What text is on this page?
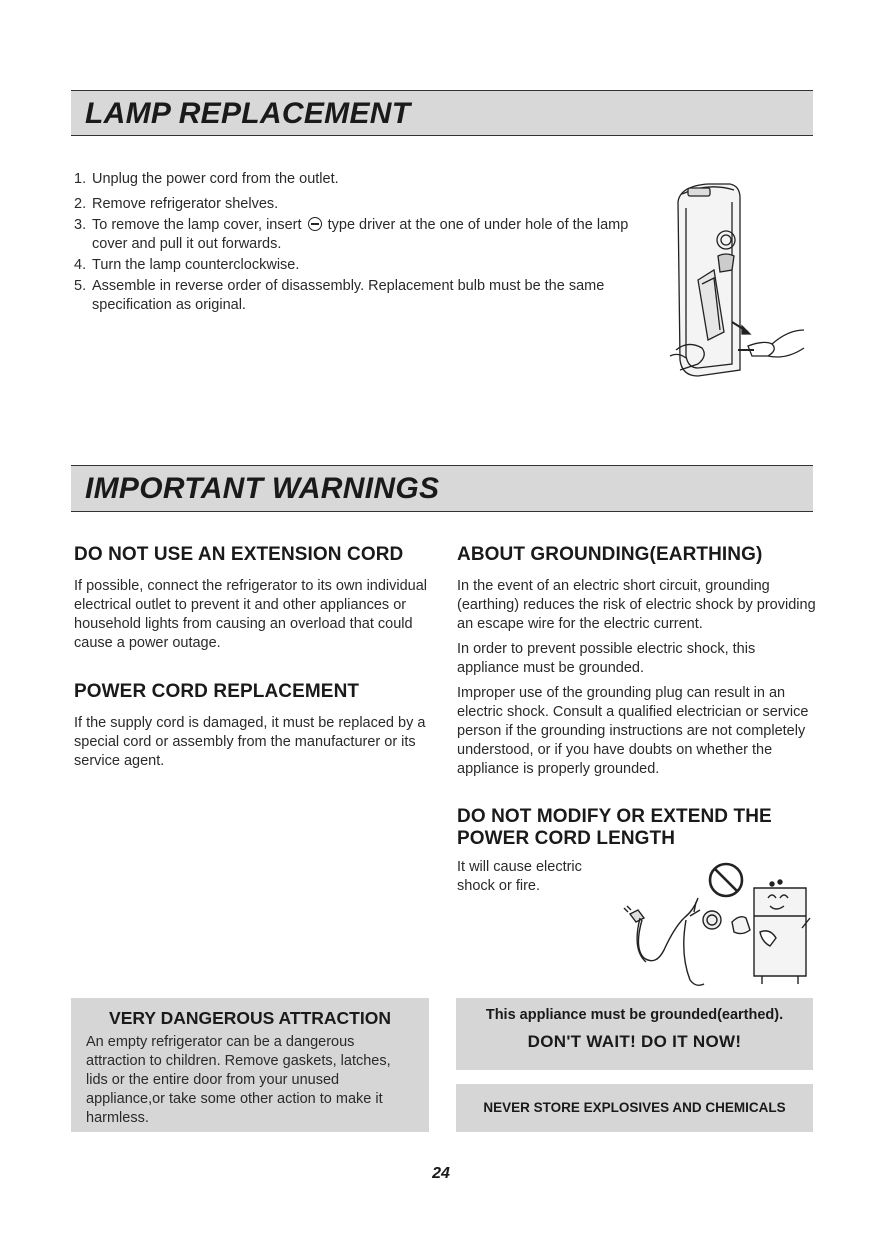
LAMP REPLACEMENT
1. Unplug the power cord from the outlet.
2. Remove refrigerator shelves.
3. To remove the lamp cover, insert type driver at the one of under hole of the lamp cover and pull it out forwards.
4. Turn the lamp counterclockwise.
5. Assemble in reverse order of disassembly. Replacement bulb must be the same specification as original.
IMPORTANT WARNINGS
DO NOT USE AN EXTENSION CORD

If possible, connect the refrigerator to its own individual electrical outlet to prevent it and other appliances or household lights from causing an overload that could cause a power outage.

POWER CORD REPLACEMENT

If the supply cord is damaged, it must be replaced by a special cord or assembly from the manufacturer or its service agent.

ABOUT GROUNDING(EARTHING)

In the event of an electric short circuit, grounding (earthing) reduces the risk of electric shock by providing an escape wire for the electric current.

In order to prevent possible electric shock, this appliance must be grounded.

Improper use of the grounding plug can result in an electric shock. Consult a qualified electrician or service person if the grounding instructions are not completely understood, or if you have doubts on whether the appliance is properly grounded.

DO NOT MODIFY OR EXTEND THE POWER CORD LENGTH

It will cause electric shock or fire.

VERY DANGEROUS ATTRACTION

An empty refrigerator can be a dangerous attraction to children. Remove gaskets, latches, lids or the entire door from your unused appliance,or take some other action to make it harmless.

This appliance must be grounded(earthed).
DON'T WAIT! DO IT NOW!
NEVER STORE EXPLOSIVES AND CHEMICALS
24
